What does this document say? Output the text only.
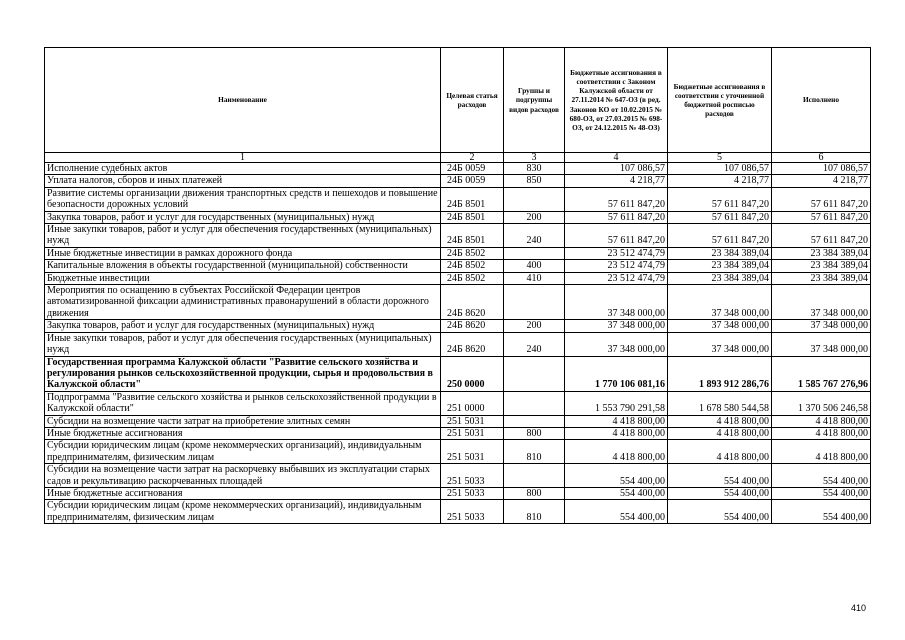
Наименование	Целевая статья расходов	Группы и подгруппы видов расходов	Бюджетные ассигнования в соответствии с Законом Калужской области от 27.11.2014 № 647-ОЗ (в ред. Законов КО от 10.02.2015 № 680-ОЗ, от 27.03.2015 № 698-ОЗ, от 24.12.2015 № 48-ОЗ)	Бюджетные ассигнования в соответствии с уточненной бюджетной росписью расходов	Исполнено
1	2	3	4	5	6
Исполнение судебных актов	24Б 0059	830	107 086,57	107 086,57	107 086,57
Уплата налогов, сборов и иных платежей	24Б 0059	850	4 218,77	4 218,77	4 218,77
Развитие системы организации движения транспортных средств и пешеходов и повышение безопасности дорожных условий	24Б 8501		57 611 847,20	57 611 847,20	57 611 847,20
Закупка товаров, работ и услуг для государственных (муниципальных) нужд	24Б 8501	200	57 611 847,20	57 611 847,20	57 611 847,20
Иные закупки товаров, работ и услуг для обеспечения государственных (муниципальных) нужд	24Б 8501	240	57 611 847,20	57 611 847,20	57 611 847,20
Иные бюджетные инвестиции в рамках дорожного фонда	24Б 8502		23 512 474,79	23 384 389,04	23 384 389,04
Капитальные вложения в объекты государственной (муниципальной) собственности	24Б 8502	400	23 512 474,79	23 384 389,04	23 384 389,04
Бюджетные инвестиции	24Б 8502	410	23 512 474,79	23 384 389,04	23 384 389,04
Мероприятия по оснащению в субъектах Российской Федерации центров автоматизированной фиксации административных правонарушений в области дорожного движения	24Б 8620		37 348 000,00	37 348 000,00	37 348 000,00
Закупка товаров, работ и услуг для государственных (муниципальных) нужд	24Б 8620	200	37 348 000,00	37 348 000,00	37 348 000,00
Иные закупки товаров, работ и услуг для обеспечения государственных (муниципальных) нужд	24Б 8620	240	37 348 000,00	37 348 000,00	37 348 000,00
Государственная программа Калужской области "Развитие сельского хозяйства и регулирования рынков сельскохозяйственной продукции, сырья и продовольствия в Калужской области"	250 0000		1 770 106 081,16	1 893 912 286,76	1 585 767 276,96
Подпрограмма "Развитие сельского хозяйства и рынков сельскохозяйственной продукции в Калужской области"	251 0000		1 553 790 291,58	1 678 580 544,58	1 370 506 246,58
Субсидии на возмещение части затрат на приобретение элитных семян	251 5031		4 418 800,00	4 418 800,00	4 418 800,00
Иные бюджетные ассигнования	251 5031	800	4 418 800,00	4 418 800,00	4 418 800,00
Субсидии юридическим лицам (кроме некоммерческих организаций), индивидуальным предпринимателям, физическим лицам	251 5031	810	4 418 800,00	4 418 800,00	4 418 800,00
Субсидии на возмещение части затрат на раскорчевку выбывших из эксплуатации старых садов и рекультивацию раскорчеванных площадей	251 5033		554 400,00	554 400,00	554 400,00
Иные бюджетные ассигнования	251 5033	800	554 400,00	554 400,00	554 400,00
Субсидии юридическим лицам (кроме некоммерческих организаций), индивидуальным предпринимателям, физическим лицам	251 5033	810	554 400,00	554 400,00	554 400,00
410
